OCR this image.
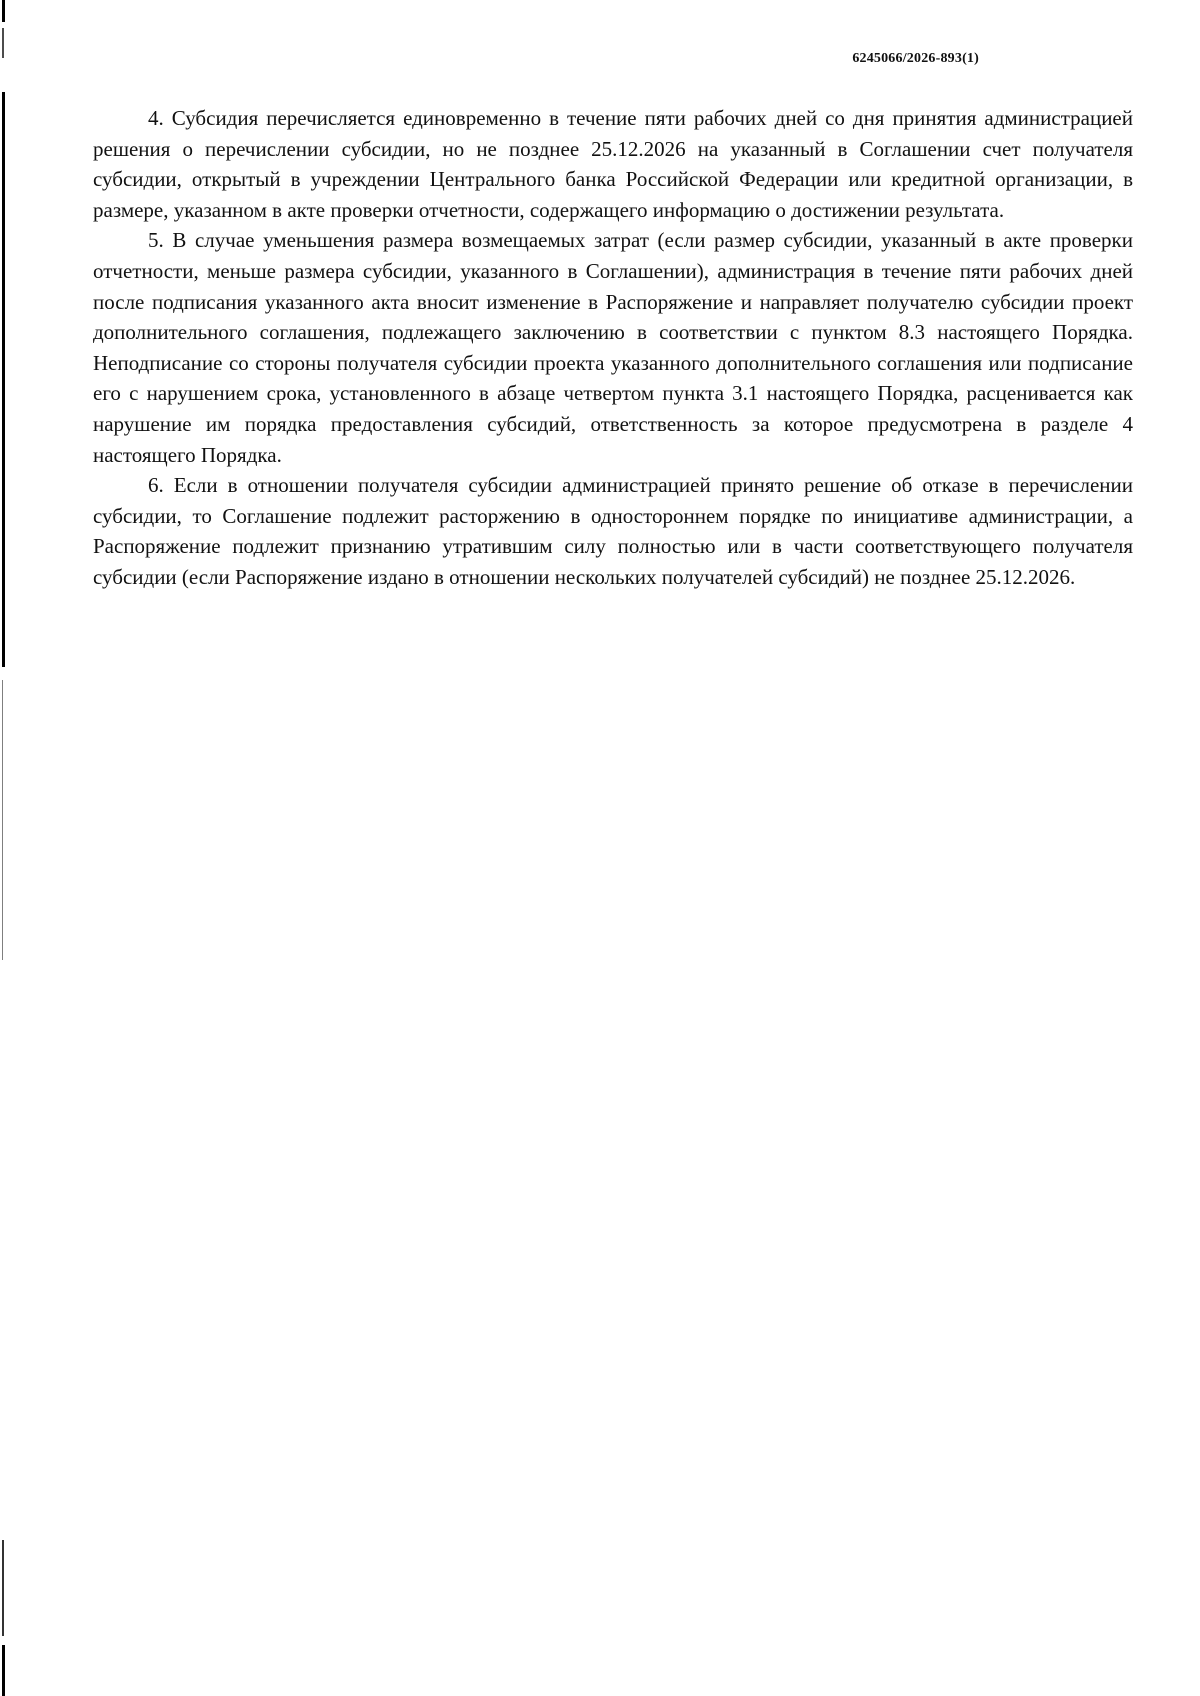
6245066/2026-893(1)

4. Субсидия перечисляется единовременно в течение пяти рабочих дней со дня принятия администрацией решения о перечислении субсидии, но не позднее 25.12.2026 на указанный в Соглашении счет получателя субсидии, открытый в учреждении Центрального банка Российской Федерации или кредитной организации, в размере, указанном в акте проверки отчетности, содержащего информацию о достижении результата.

5. В случае уменьшения размера возмещаемых затрат (если размер субсидии, указанный в акте проверки отчетности, меньше размера субсидии, указанного в Соглашении), администрация в течение пяти рабочих дней после подписания указанного акта вносит изменение в Распоряжение и направляет получателю субсидии проект дополнительного соглашения, подлежащего заключению в соответствии с пунктом 8.3 настоящего Порядка. Неподписание со стороны получателя субсидии проекта указанного дополнительного соглашения или подписание его с нарушением срока, установленного в абзаце четвертом пункта 3.1 настоящего Порядка, расценивается как нарушение им порядка предоставления субсидий, ответственность за которое предусмотрена в разделе 4 настоящего Порядка.

6. Если в отношении получателя субсидии администрацией принято решение об отказе в перечислении субсидии, то Соглашение подлежит расторжению в одностороннем порядке по инициативе администрации, а Распоряжение подлежит признанию утратившим силу полностью или в части соответствующего получателя субсидии (если Распоряжение издано в отношении нескольких получателей субсидий) не позднее 25.12.2026.
